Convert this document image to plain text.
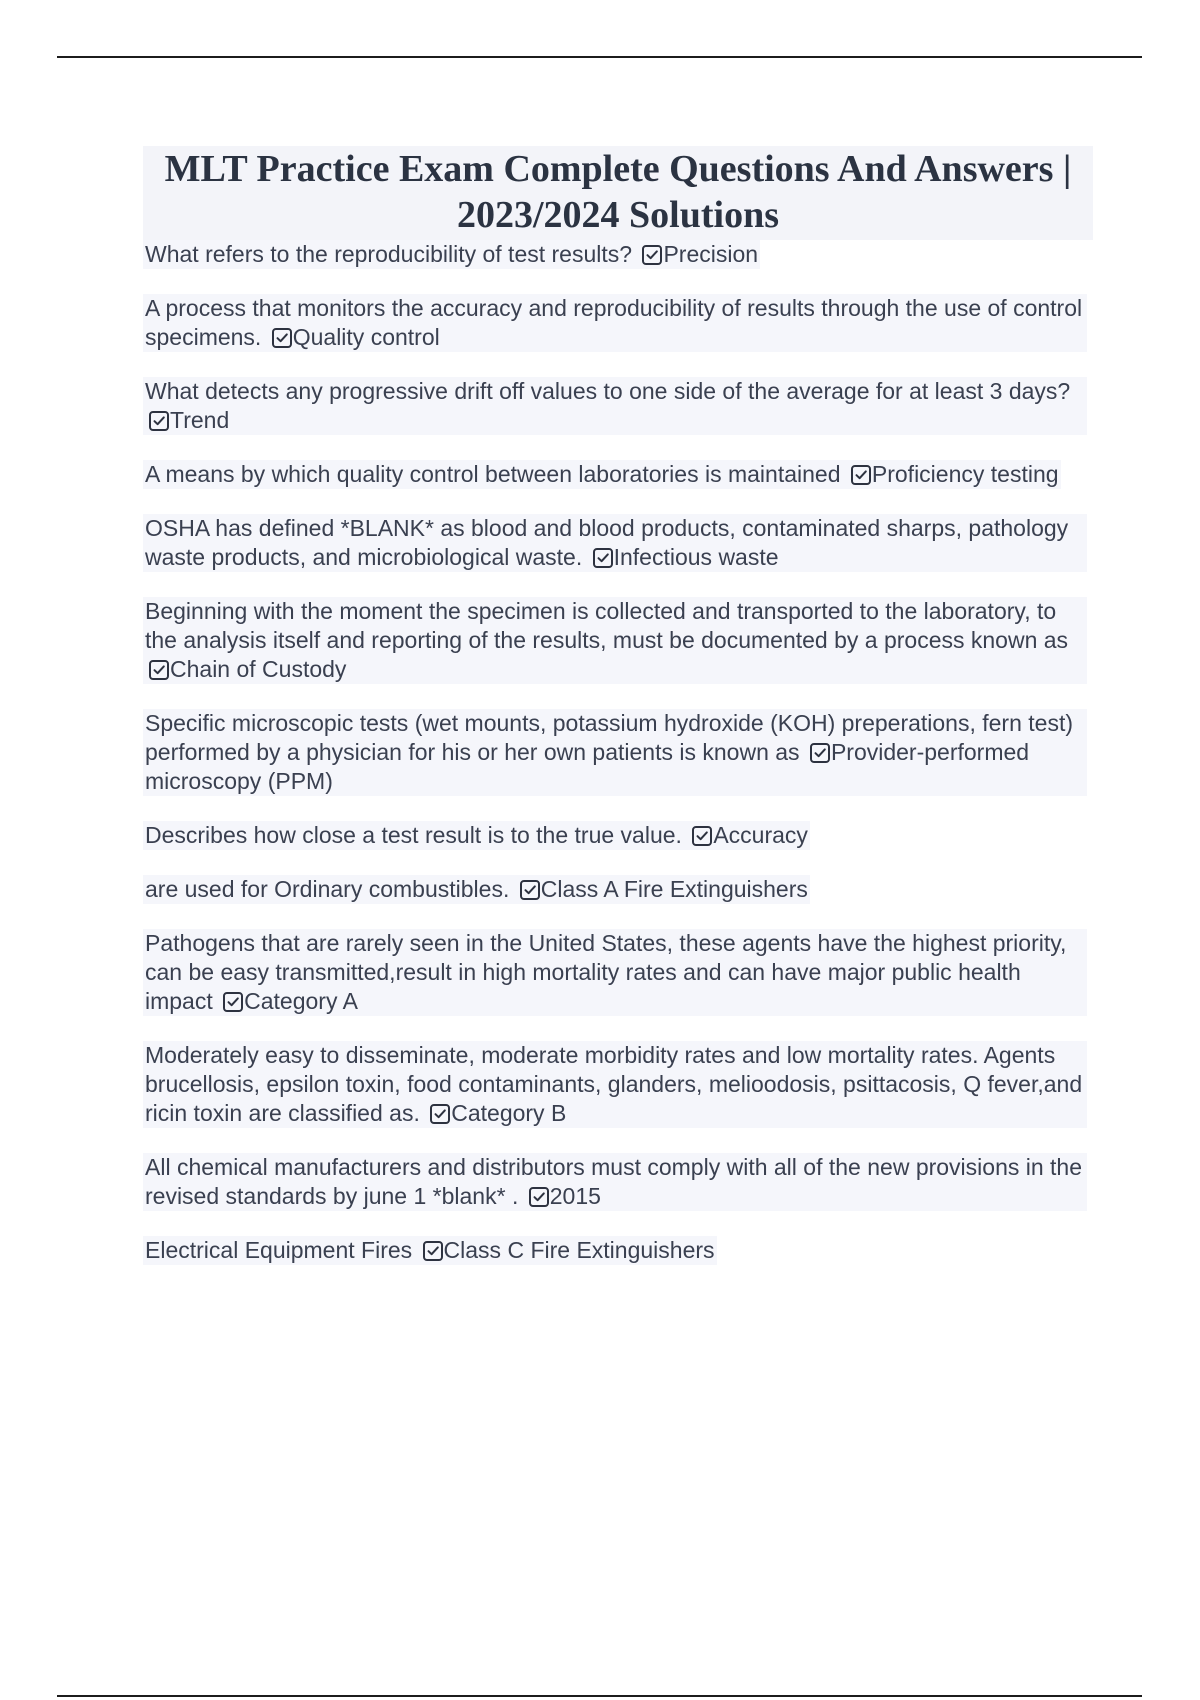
MLT Practice Exam Complete Questions And Answers | 2023/2024 Solutions

What refers to the reproducibility of test results? Precision

A process that monitors the accuracy and reproducibility of results through the use of control specimens. Quality control

What detects any progressive drift off values to one side of the average for at least 3 days?
Trend

A means by which quality control between laboratories is maintained Proficiency testing

OSHA has defined *BLANK* as blood and blood products, contaminated sharps, pathology waste products, and microbiological waste. Infectious waste

Beginning with the moment the specimen is collected and transported to the laboratory, to the analysis itself and reporting of the results, must be documented by a process known as
Chain of Custody

Specific microscopic tests (wet mounts, potassium hydroxide (KOH) preperations, fern test) performed by a physician for his or her own patients is known as Provider-performed microscopy (PPM)

Describes how close a test result is to the true value. Accuracy

are used for Ordinary combustibles. Class A Fire Extinguishers

Pathogens that are rarely seen in the United States, these agents have the highest priority, can be easy transmitted,result in high mortality rates and can have major public health impact Category A

Moderately easy to disseminate, moderate morbidity rates and low mortality rates. Agents brucellosis, epsilon toxin, food contaminants, glanders, melioodosis, psittacosis, Q fever,and ricin toxin are classified as. Category B

All chemical manufacturers and distributors must comply with all of the new provisions in the revised standards by june 1 *blank* . 2015

Electrical Equipment Fires Class C Fire Extinguishers
